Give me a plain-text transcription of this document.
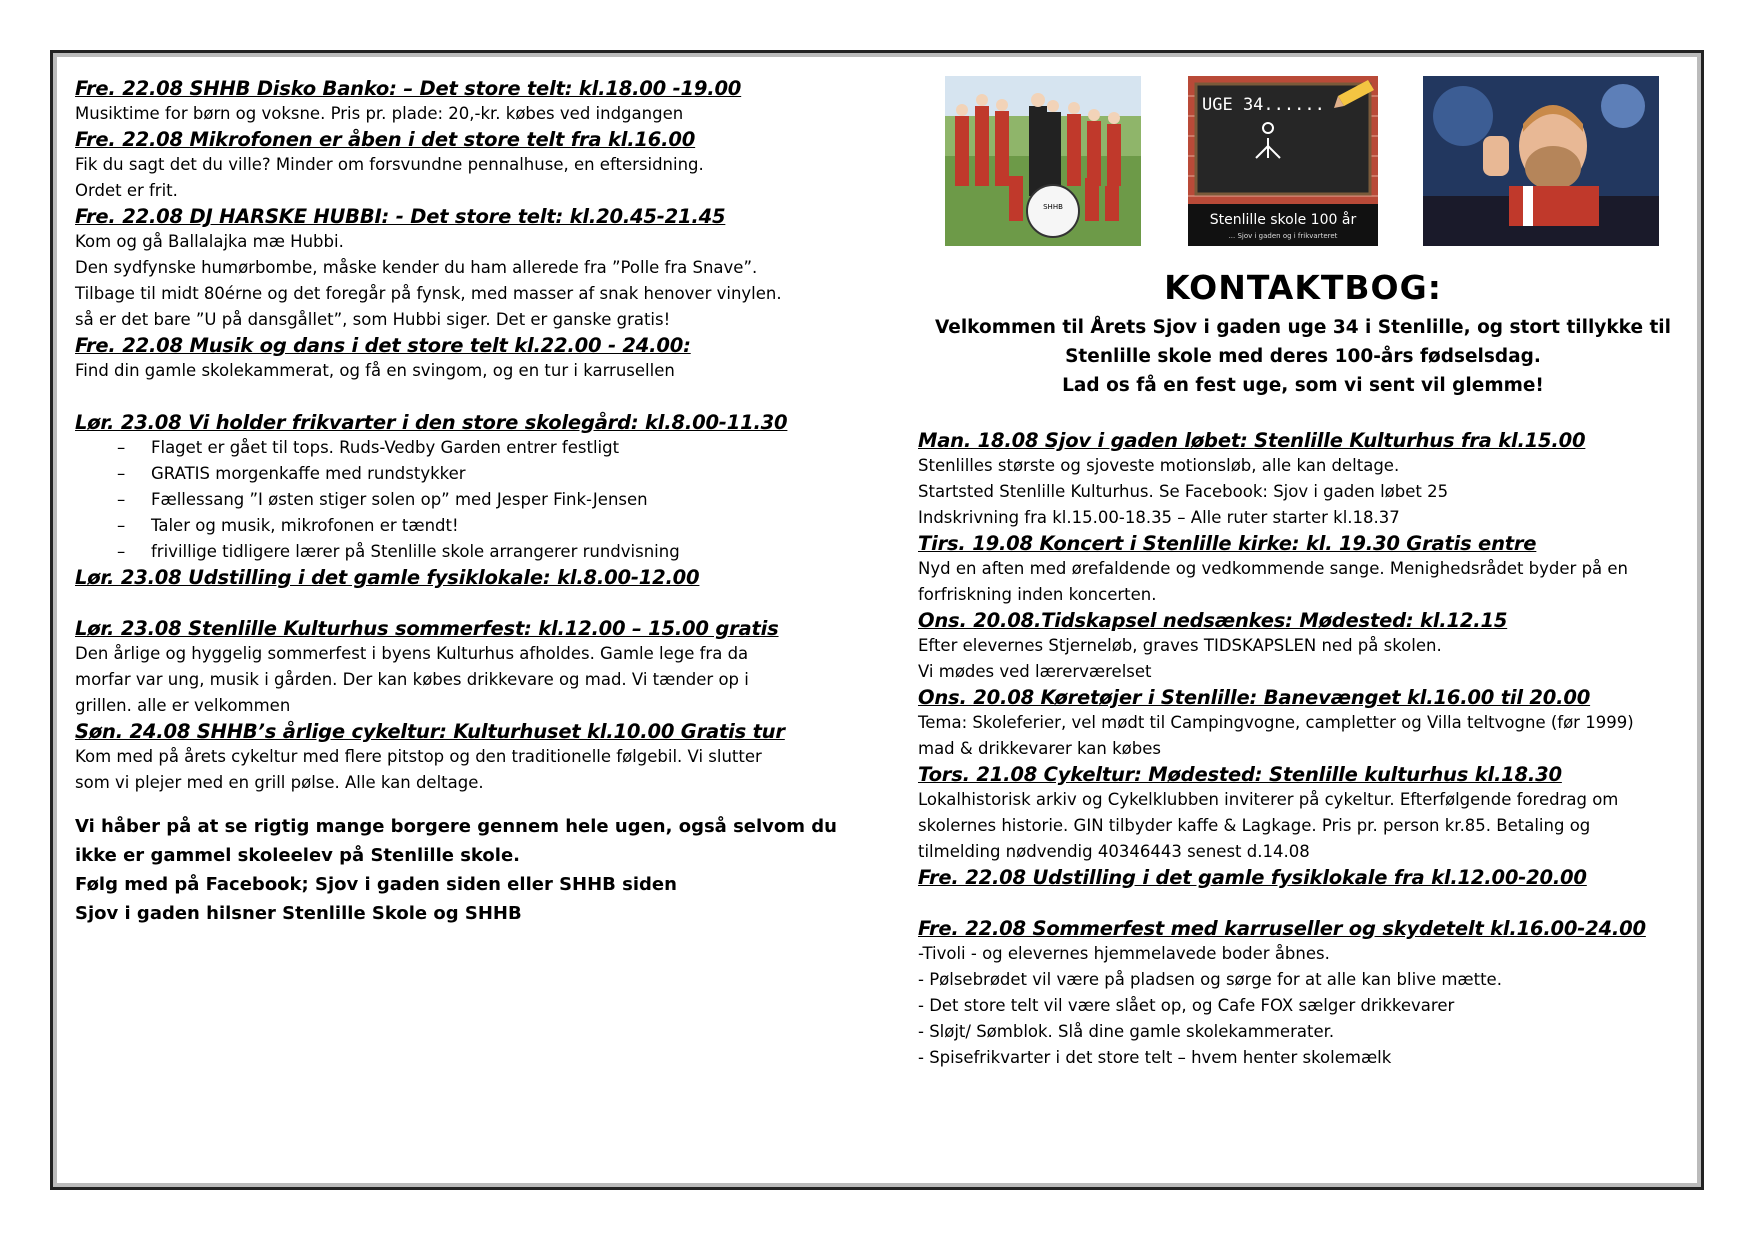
Fre. 22.08 SHHB Disko Banko: – Det store telt: kl.18.00 -19.00
Musiktime for børn og voksne. Pris pr. plade: 20,-kr. købes ved indgangen
Fre. 22.08 Mikrofonen er åben i det store telt fra kl.16.00
Fik du sagt det du ville? Minder om forsvundne pennalhuse, en eftersidning.
Ordet er frit.
Fre. 22.08 DJ HARSKE HUBBI: - Det store telt: kl.20.45-21.45
Kom og gå Ballalajka mæ Hubbi.
Den sydfynske humørbombe, måske kender du ham allerede fra ”Polle fra Snave”.
Tilbage til midt 80érne og det foregår på fynsk, med masser af snak henover vinylen.
så er det bare ”U på dansgållet”, som Hubbi siger. Det er ganske gratis!
Fre. 22.08 Musik og dans i det store telt kl.22.00 - 24.00:
Find din gamle skolekammerat, og få en svingom, og en tur i karrusellen
Lør. 23.08 Vi holder frikvarter i den store skolegård: kl.8.00-11.30
– Flaget er gået til tops. Ruds-Vedby Garden entrer festligt
– GRATIS morgenkaffe med rundstykker
– Fællessang ”I østen stiger solen op” med Jesper Fink-Jensen
– Taler og musik, mikrofonen er tændt!
– frivillige tidligere lærer på Stenlille skole arrangerer rundvisning
Lør. 23.08 Udstilling i det gamle fysiklokale: kl.8.00-12.00
Lør. 23.08 Stenlille Kulturhus sommerfest: kl.12.00 – 15.00 gratis
Den årlige og hyggelig sommerfest i byens Kulturhus afholdes. Gamle lege fra da
morfar var ung, musik i gården. Der kan købes drikkevare og mad. Vi tænder op i
grillen. alle er velkommen
Søn. 24.08 SHHB’s årlige cykeltur: Kulturhuset kl.10.00 Gratis tur
Kom med på årets cykeltur med flere pitstop og den traditionelle følgebil. Vi slutter
som vi plejer med en grill pølse. Alle kan deltage.
Vi håber på at se rigtig mange borgere gennem hele ugen, også selvom du
ikke er gammel skoleelev på Stenlille skole.
Følg med på Facebook; Sjov i gaden siden eller SHHB siden
Sjov i gaden hilsner Stenlille Skole og SHHB
SHHB
UGE 34......
Stenlille skole 100 år
... Sjov i gaden og i frikvarteret
KONTAKTBOG:
Velkommen til Årets Sjov i gaden uge 34 i Stenlille, og stort tillykke til
Stenlille skole med deres 100-års fødselsdag.
Lad os få en fest uge, som vi sent vil glemme!
Man. 18.08 Sjov i gaden løbet: Stenlille Kulturhus fra kl.15.00
Stenlilles største og sjoveste motionsløb, alle kan deltage.
Startsted Stenlille Kulturhus. Se Facebook: Sjov i gaden løbet 25
Indskrivning fra kl.15.00-18.35 – Alle ruter starter kl.18.37
Tirs. 19.08 Koncert i Stenlille kirke: kl. 19.30 Gratis entre
Nyd en aften med ørefaldende og vedkommende sange. Menighedsrådet byder på en
forfriskning inden koncerten.
Ons. 20.08.Tidskapsel nedsænkes: Mødested: kl.12.15
Efter elevernes Stjerneløb, graves TIDSKAPSLEN ned på skolen.
Vi mødes ved lærerværelset
Ons. 20.08 Køretøjer i Stenlille: Banevænget kl.16.00 til 20.00
Tema: Skoleferier, vel mødt til Campingvogne, campletter og Villa teltvogne (før 1999)
mad & drikkevarer kan købes
Tors. 21.08 Cykeltur: Mødested: Stenlille kulturhus kl.18.30
Lokalhistorisk arkiv og Cykelklubben inviterer på cykeltur. Efterfølgende foredrag om
skolernes historie. GIN tilbyder kaffe & Lagkage. Pris pr. person kr.85. Betaling og
tilmelding nødvendig 40346443 senest d.14.08
Fre. 22.08 Udstilling i det gamle fysiklokale fra kl.12.00-20.00
Fre. 22.08 Sommerfest med karruseller og skydetelt kl.16.00-24.00
-Tivoli - og elevernes hjemmelavede boder åbnes.
- Pølsebrødet vil være på pladsen og sørge for at alle kan blive mætte.
- Det store telt vil være slået op, og Cafe FOX sælger drikkevarer
- Sløjt/ Sømblok. Slå dine gamle skolekammerater.
- Spisefrikvarter i det store telt – hvem henter skolemælk
